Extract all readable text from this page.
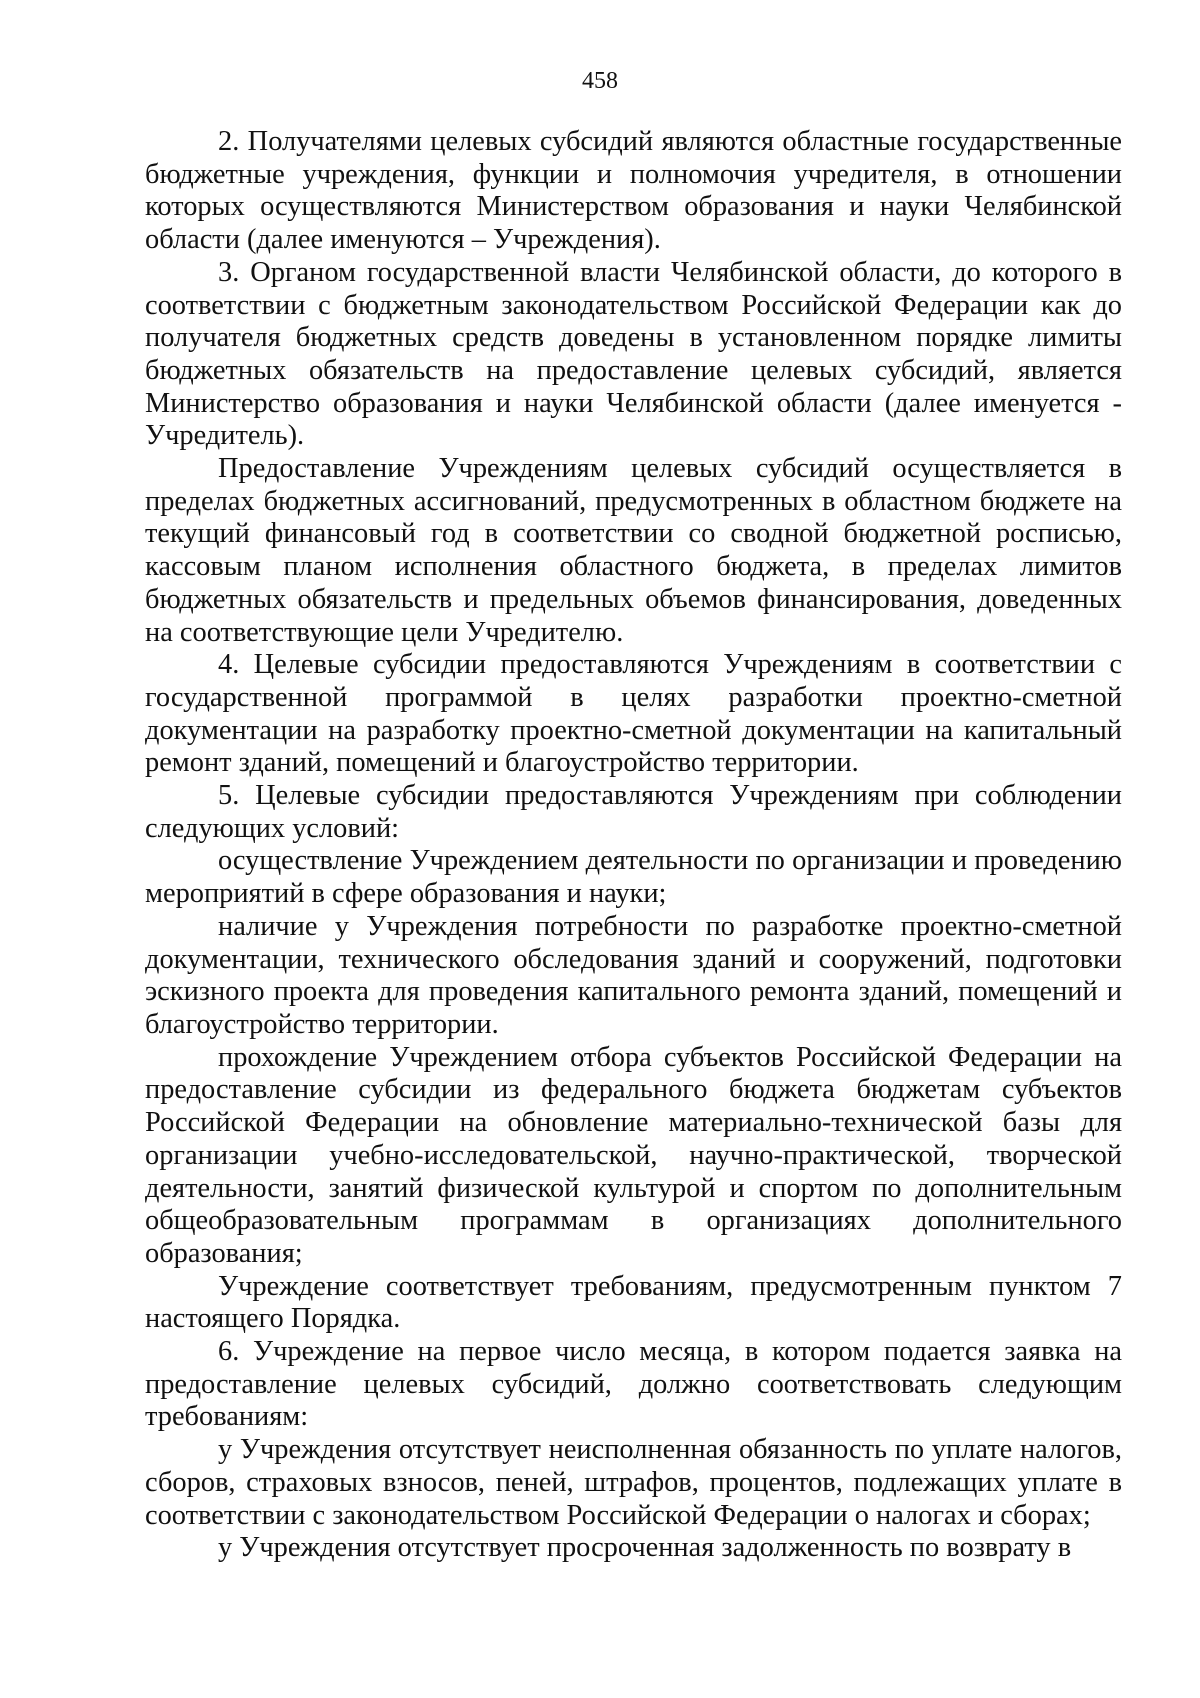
458

2. Получателями целевых субсидий являются областные государственные бюджетные учреждения, функции и полномочия учредителя, в отношении которых осуществляются Министерством образования и науки Челябинской области (далее именуются – Учреждения).

3. Органом государственной власти Челябинской области, до которого в соответствии с бюджетным законодательством Российской Федерации как до получателя бюджетных средств доведены в установленном порядке лимиты бюджетных обязательств на предоставление целевых субсидий, является Министерство образования и науки Челябинской области (далее именуется - Учредитель).

Предоставление Учреждениям целевых субсидий осуществляется в пределах бюджетных ассигнований, предусмотренных в областном бюджете на текущий финансовый год в соответствии со сводной бюджетной росписью, кассовым планом исполнения областного бюджета, в пределах лимитов бюджетных обязательств и предельных объемов финансирования, доведенных на соответствующие цели Учредителю.

4. Целевые субсидии предоставляются Учреждениям в соответствии с государственной программой в целях разработки проектно-сметной документации на разработку проектно-сметной документации на капитальный ремонт зданий, помещений и благоустройство территории.

5. Целевые субсидии предоставляются Учреждениям при соблюдении следующих условий:

осуществление Учреждением деятельности по организации и проведению мероприятий в сфере образования и науки;

наличие у Учреждения потребности по разработке проектно-сметной документации, технического обследования зданий и сооружений, подготовки эскизного проекта для проведения капитального ремонта зданий, помещений и благоустройство территории.

прохождение Учреждением отбора субъектов Российской Федерации на предоставление субсидии из федерального бюджета бюджетам субъектов Российской Федерации на обновление материально-технической базы для организации учебно-исследовательской, научно-практической, творческой деятельности, занятий физической культурой и спортом по дополнительным общеобразовательным программам в организациях дополнительного образования;

Учреждение соответствует требованиям, предусмотренным пунктом 7 настоящего Порядка.

6. Учреждение на первое число месяца, в котором подается заявка на предоставление целевых субсидий, должно соответствовать следующим требованиям:

у Учреждения отсутствует неисполненная обязанность по уплате налогов, сборов, страховых взносов, пеней, штрафов, процентов, подлежащих уплате в соответствии с законодательством Российской Федерации о налогах и сборах;

у Учреждения отсутствует просроченная задолженность по возврату в
